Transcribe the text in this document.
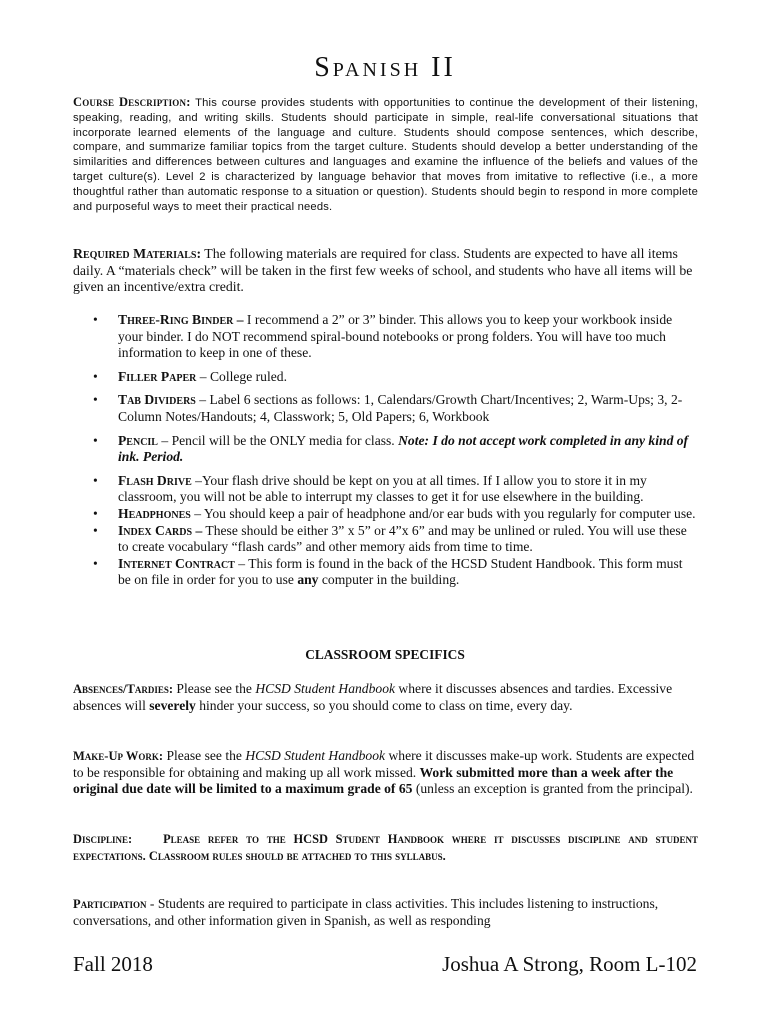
Spanish II
Course Description: This course provides students with opportunities to continue the development of their listening, speaking, reading, and writing skills. Students should participate in simple, real-life conversational situations that incorporate learned elements of the language and culture. Students should compose sentences, which describe, compare, and summarize familiar topics from the target culture. Students should develop a better understanding of the similarities and differences between cultures and languages and examine the influence of the beliefs and values of the target culture(s). Level 2 is characterized by language behavior that moves from imitative to reflective (i.e., a more thoughtful rather than automatic response to a situation or question). Students should begin to respond in more complete and purposeful ways to meet their practical needs.
Required Materials: The following materials are required for class. Students are expected to have all items daily. A “materials check” will be taken in the first few weeks of school, and students who have all items will be given an incentive/extra credit.
• Three-Ring Binder – I recommend a 2” or 3” binder. This allows you to keep your workbook inside your binder. I do NOT recommend spiral-bound notebooks or prong folders. You will have too much information to keep in one of these.
• Filler Paper – College ruled.
• Tab Dividers – Label 6 sections as follows: 1, Calendars/Growth Chart/Incentives; 2, Warm-Ups; 3, 2-Column Notes/Handouts; 4, Classwork; 5, Old Papers; 6, Workbook
• Pencil – Pencil will be the ONLY media for class. Note: I do not accept work completed in any kind of ink. Period.
• Flash Drive –Your flash drive should be kept on you at all times. If I allow you to store it in my classroom, you will not be able to interrupt my classes to get it for use elsewhere in the building.
• Headphones – You should keep a pair of headphone and/or ear buds with you regularly for computer use.
• Index Cards – These should be either 3” x 5” or 4”x 6” and may be unlined or ruled. You will use these to create vocabulary “flash cards” and other memory aids from time to time.
• Internet Contract – This form is found in the back of the HCSD Student Handbook. This form must be on file in order for you to use any computer in the building.
CLASSROOM SPECIFICS
Absences/Tardies: Please see the HCSD Student Handbook where it discusses absences and tardies. Excessive absences will severely hinder your success, so you should come to class on time, every day.
Make-Up Work: Please see the HCSD Student Handbook where it discusses make-up work. Students are expected to be responsible for obtaining and making up all work missed. Work submitted more than a week after the original due date will be limited to a maximum grade of 65 (unless an exception is granted from the principal).
Discipline: Please refer to the HCSD Student Handbook where it discusses discipline and student expectations. Classroom rules should be attached to this syllabus.
Participation - Students are required to participate in class activities. This includes listening to instructions, conversations, and other information given in Spanish, as well as responding
Fall 2018	Joshua A Strong, Room L-102
